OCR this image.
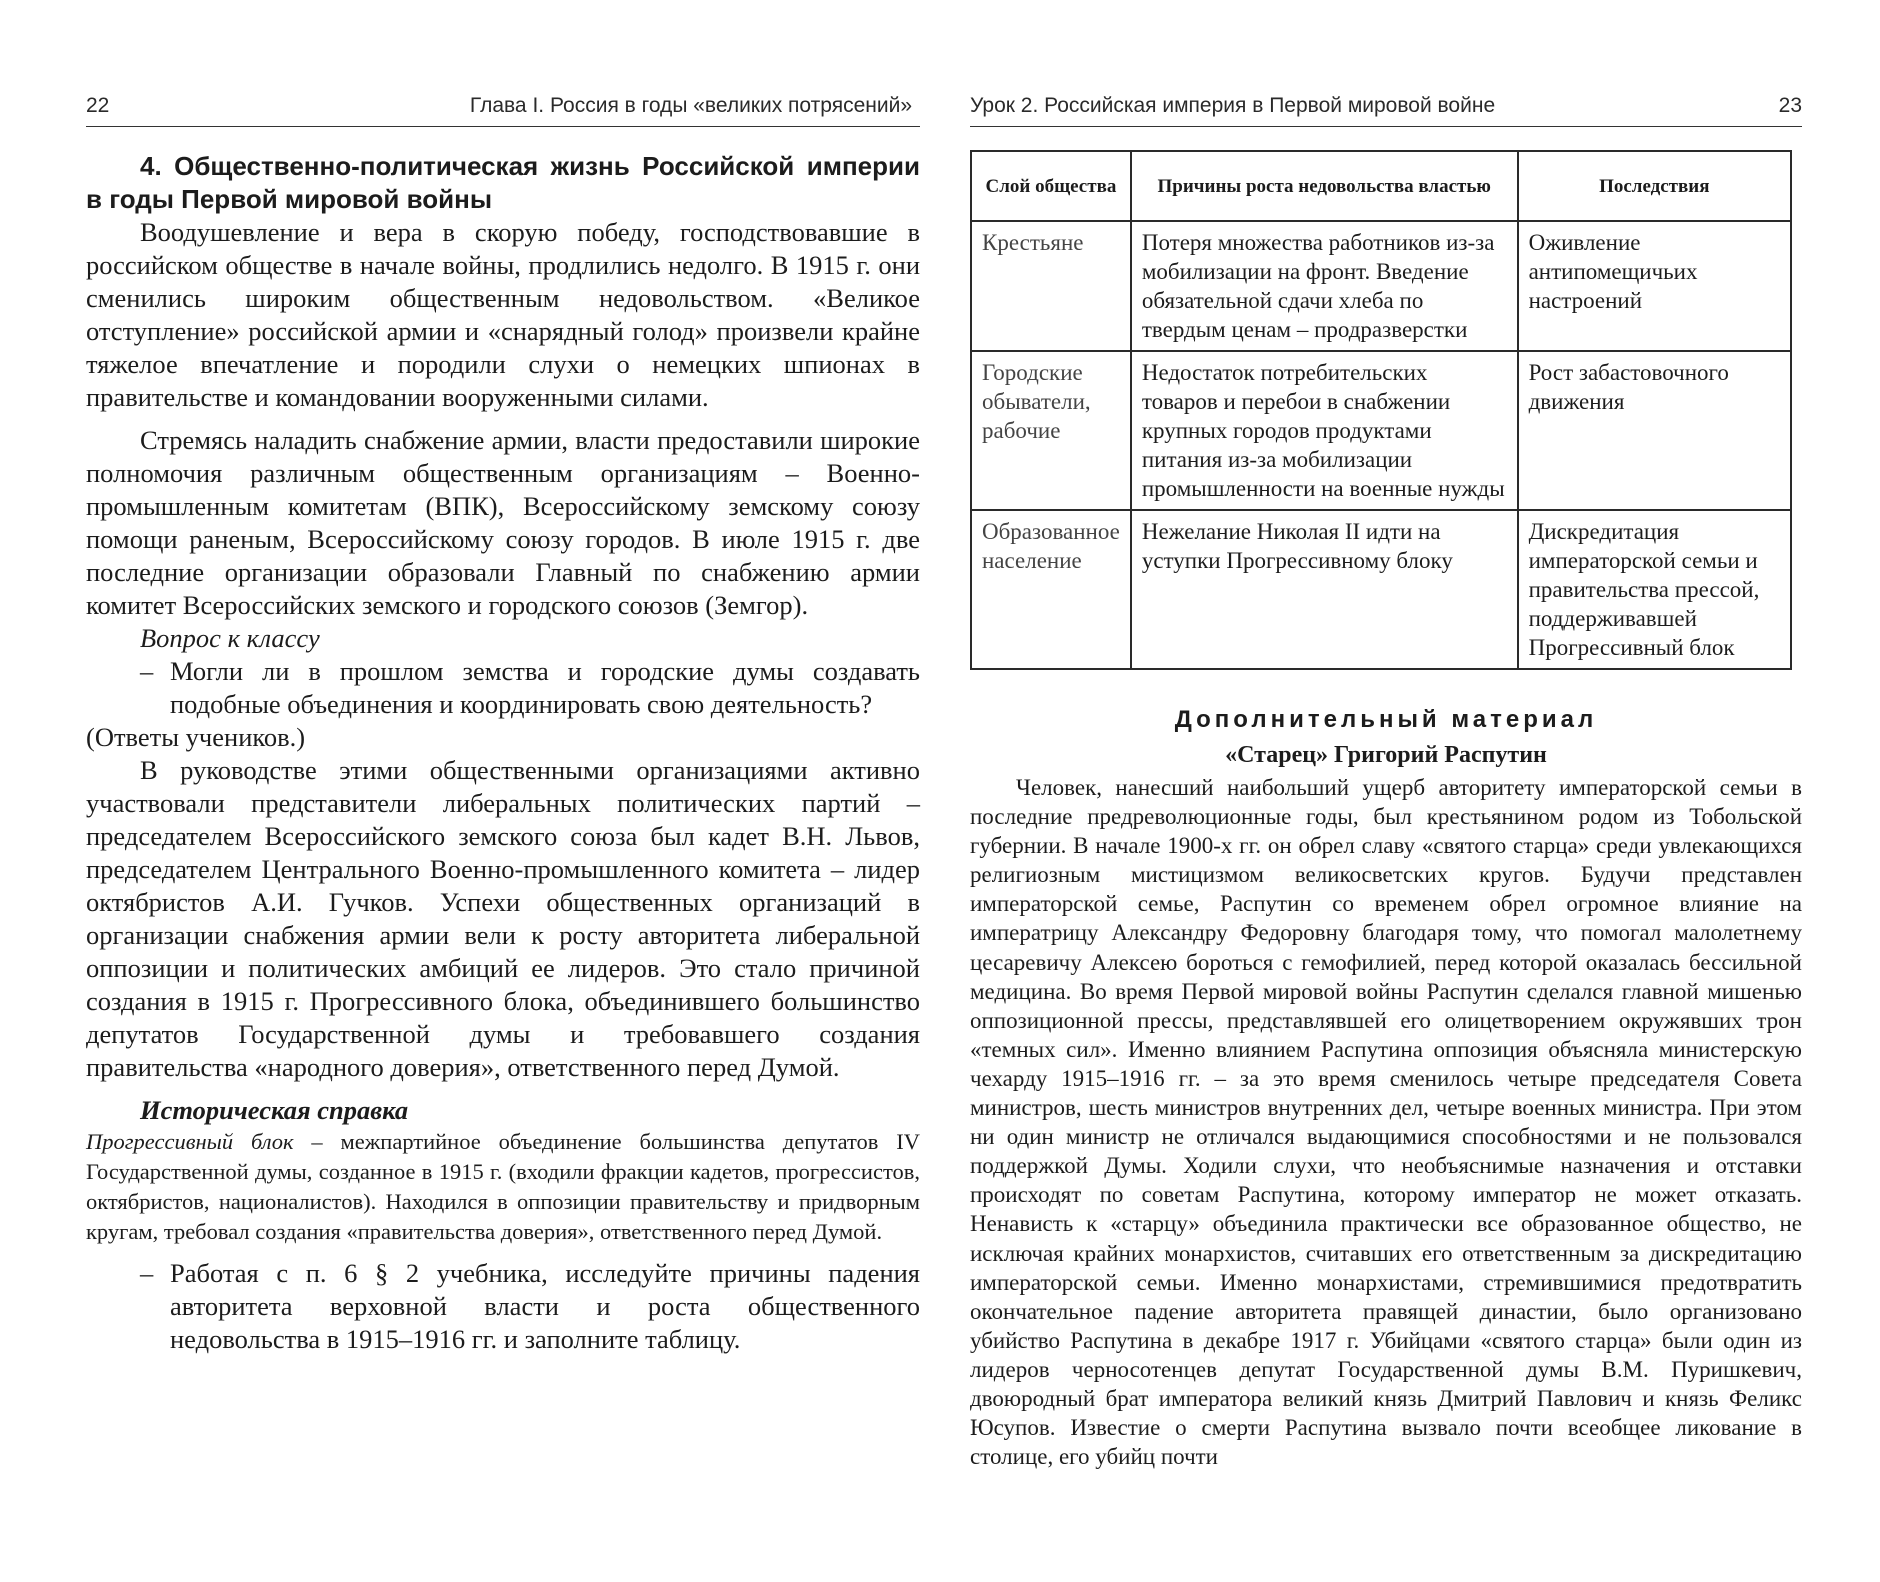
22	Глава I. Россия в годы «великих потрясений»

4. Общественно-политическая жизнь Российской империи в годы Первой мировой войны

Воодушевление и вера в скорую победу, господствовавшие в российском обществе в начале войны, продлились недолго. В 1915 г. они сменились широким общественным недовольством. «Великое отступление» российской армии и «снарядный голод» произвели крайне тяжелое впечатление и породили слухи о немецких шпионах в правительстве и командовании вооруженными силами.

Стремясь наладить снабжение армии, власти предоставили широкие полномочия различным общественным организациям – Военно-промышленным комитетам (ВПК), Всероссийскому земскому союзу помощи раненым, Всероссийскому союзу городов. В июле 1915 г. две последние организации образовали Главный по снабжению армии комитет Всероссийских земского и городского союзов (Земгор).

Вопрос к классу

– Могли ли в прошлом земства и городские думы создавать подобные объединения и координировать свою деятельность?

(Ответы учеников.)

В руководстве этими общественными организациями активно участвовали представители либеральных политических партий – председателем Всероссийского земского союза был кадет В.Н. Львов, председателем Центрального Военно-промышленного комитета – лидер октябристов А.И. Гучков. Успехи общественных организаций в организации снабжения армии вели к росту авторитета либеральной оппозиции и политических амбиций ее лидеров. Это стало причиной создания в 1915 г. Прогрессивного блока, объединившего большинство депутатов Государственной думы и требовавшего создания правительства «народного доверия», ответственного перед Думой.

Историческая справка

Прогрессивный блок – межпартийное объединение большинства депутатов IV Государственной думы, созданное в 1915 г. (входили фракции кадетов, прогрессистов, октябристов, националистов). Находился в оппозиции правительству и придворным кругам, требовал создания «правительства доверия», ответственного перед Думой.

– Работая с п. 6 § 2 учебника, исследуйте причины падения авторитета верховной власти и роста общественного недовольства в 1915–1916 гг. и заполните таблицу.

Урок 2. Российская империя в Первой мировой войне	23
Слой общества	Причины роста недовольства властью	Последствия
Крестьяне	Потеря множества работников из-за мобилизации на фронт. Введение обязательной сдачи хлеба по твердым ценам – продразверстки	Оживление антипомещичьих настроений
Городские обыватели, рабочие	Недостаток потребительских товаров и перебои в снабжении крупных городов продуктами питания из-за мобилизации промышленности на военные нужды	Рост забастовочного движения
Образованное население	Нежелание Николая II идти на уступки Прогрессивному блоку	Дискредитация императорской семьи и правительства прессой, поддерживавшей Прогрессивный блок
Дополнительный материал
«Старец» Григорий Распутин

Человек, нанесший наибольший ущерб авторитету императорской семьи в последние предреволюционные годы, был крестьянином родом из Тобольской губернии. В начале 1900-х гг. он обрел славу «святого старца» среди увлекающихся религиозным мистицизмом великосветских кругов. Будучи представлен императорской семье, Распутин со временем обрел огромное влияние на императрицу Александру Федоровну благодаря тому, что помогал малолетнему цесаревичу Алексею бороться с гемофилией, перед которой оказалась бессильной медицина. Во время Первой мировой войны Распутин сделался главной мишенью оппозиционной прессы, представлявшей его олицетворением окружявших трон «темных сил». Именно влиянием Распутина оппозиция объясняла министерскую чехарду 1915–1916 гг. – за это время сменилось четыре председателя Совета министров, шесть министров внутренних дел, четыре военных министра. При этом ни один министр не отличался выдающимися способностями и не пользовался поддержкой Думы. Ходили слухи, что необъяснимые назначения и отставки происходят по советам Распутина, которому император не может отказать. Ненависть к «старцу» объединила практически все образованное общество, не исключая крайних монархистов, считавших его ответственным за дискредитацию императорской семьи. Именно монархистами, стремившимися предотвратить окончательное падение авторитета правящей династии, было организовано убийство Распутина в декабре 1917 г. Убийцами «святого старца» были один из лидеров черносотенцев депутат Государственной думы В.М. Пуришкевич, двоюродный брат императора великий князь Дмитрий Павлович и князь Феликс Юсупов. Известие о смерти Распутина вызвало почти всеобщее ликование в столице, его убийц почти
